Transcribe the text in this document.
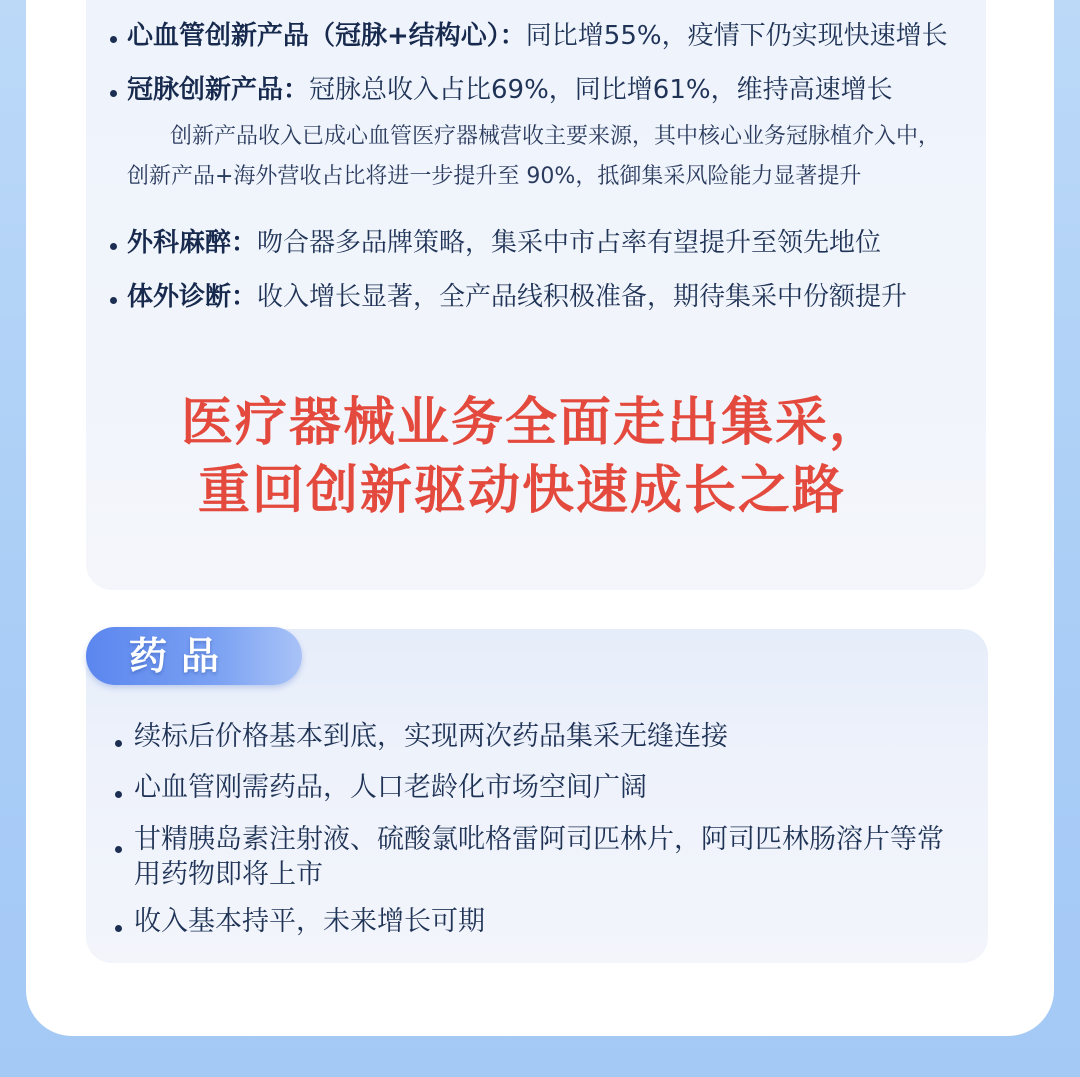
心血管创新产品（冠脉+结构心）：同比增55%，疫情下仍实现快速增长
冠脉创新产品：冠脉总收入占比69%，同比增61%，维持高速增长
创新产品收入已成心血管医疗器械营收主要来源，其中核心业务冠脉植介入中，
创新产品+海外营收占比将进一步提升至 90%，抵御集采风险能力显著提升
外科麻醉：吻合器多品牌策略，集采中市占率有望提升至领先地位
体外诊断：收入增长显著，全产品线积极准备，期待集采中份额提升
医疗器械业务全面走出集采，
重回创新驱动快速成长之路
药品
续标后价格基本到底，实现两次药品集采无缝连接
心血管刚需药品，人口老龄化市场空间广阔
甘精胰岛素注射液、硫酸氯吡格雷阿司匹林片，阿司匹林肠溶片等常
用药物即将上市
收入基本持平，未来增长可期
